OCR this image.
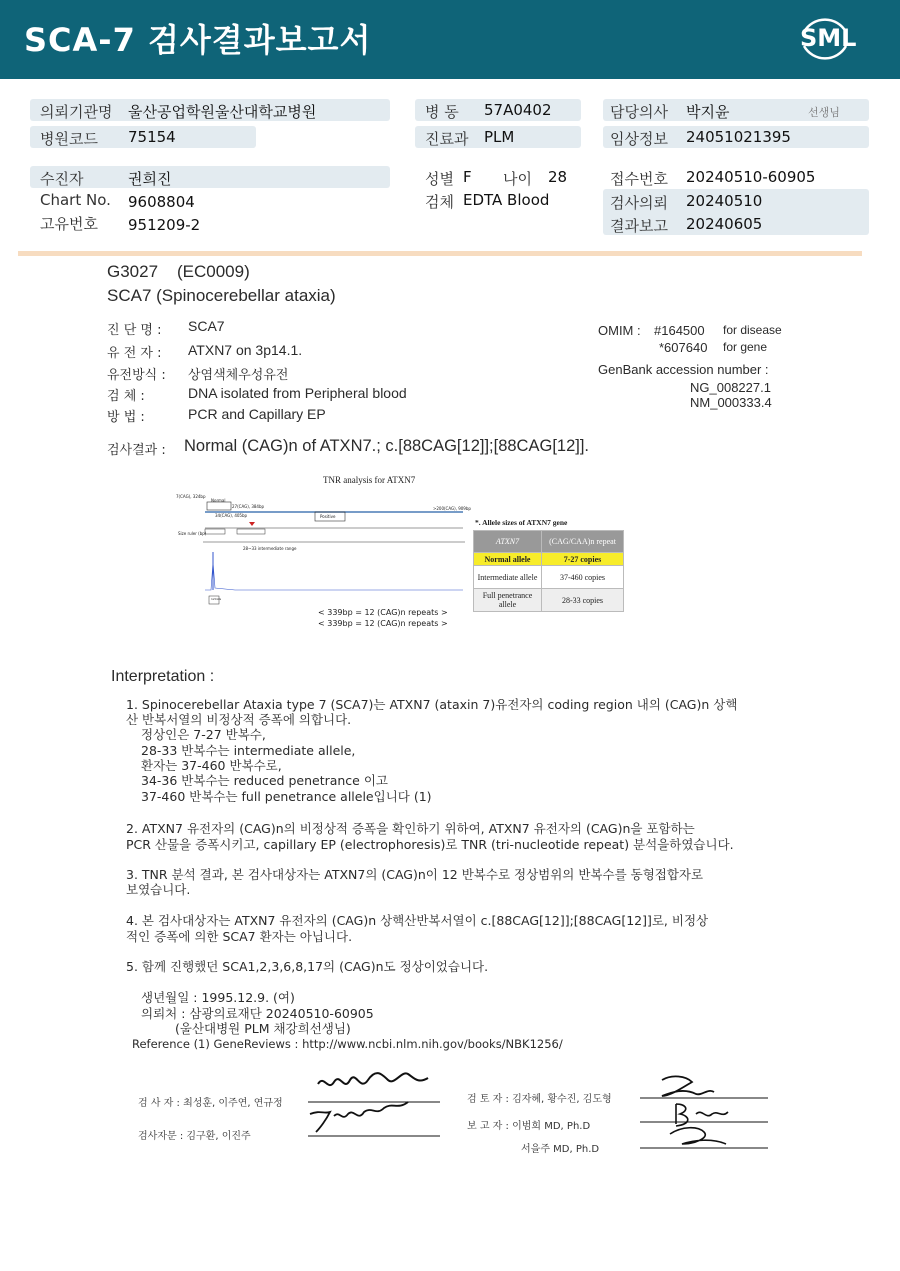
SCA-7 검사결과보고서	SML
의뢰기관명 울산공업학원울산대학교병원
병원코드 75154
병 동 57A0402
진료과 PLM
담당의사 박지윤	선생님
임상정보 24051021395
수진자	권희진
Chart No. 9608804
고유번호 951209-2
성별 F 나이 28
검체 EDTA Blood
접수번호 20240510-60905
검사의뢰 20240510
결과보고 20240605
G3027 (EC0009)
SCA7 (Spinocerebellar ataxia)
진 단 명 : SCA7
유 전 자 : ATXN7 on 3p14.1.
유전방식 : 상염색체우성유전
검 체 :	DNA isolated from Peripheral blood
방 법 :	PCR and Capillary EP
OMIM : #164500 for disease
*607640 for gene
GenBank accession number :
NG_008227.1
NM_000333.4
검사결과 : Normal (CAG)n of ATXN7.; c.[88CAG[12]];[88CAG[12]].
TNR analysis for ATXN7
Normal
Positive
7(CAG), 324bp
27(CAG), 384bp
34(CAG), 405bp
>200(CAG), 909bp
Size ruler (bp)
28~33 intermediate range
12CAG
< 339bp = 12 (CAG)n repeats >
< 339bp = 12 (CAG)n repeats >
*. Allele sizes of ATXN7 gene
ATXN7	(CAG/CAA)n repeat
Normal allele	7-27 copies
Intermediate allele	37-460 copies
Full penetrance allele	28-33 copies
Interpretation :
1. Spinocerebellar Ataxia type 7 (SCA7)는 ATXN7 (ataxin 7)유전자의 coding region 내의 (CAG)n 상핵
산 반복서열의 비정상적 증폭에 의합니다.
정상인은 7-27 반복수,
28-33 반복수는 intermediate allele,
환자는 37-460 반복수로,
34-36 반복수는 reduced penetrance 이고
37-460 반복수는 full penetrance allele입니다 (1)
2. ATXN7 유전자의 (CAG)n의 비정상적 증폭을 확인하기 위하여, ATXN7 유전자의 (CAG)n을 포함하는
PCR 산물을 증폭시키고, capillary EP (electrophoresis)로 TNR (tri-nucleotide repeat) 분석을하였습니다.
3. TNR 분석 결과, 본 검사대상자는 ATXN7의 (CAG)n이 12 반복수로 정상범위의 반복수를 동형접합자로
보였습니다.
4. 본 검사대상자는 ATXN7 유전자의 (CAG)n 상핵산반복서열이 c.[88CAG[12]];[88CAG[12]]로, 비정상
적인 증폭에 의한 SCA7 환자는 아닙니다.
5. 함께 진행했던 SCA1,2,3,6,8,17의 (CAG)n도 정상이었습니다.
생년월일 : 1995.12.9. (여)
의뢰처 : 삼광의료재단 20240510-60905
(울산대병원 PLM 채강희선생님)
Reference (1) GeneReviews : http://www.ncbi.nlm.nih.gov/books/NBK1256/
검 사 자 : 최성훈, 이주연, 연규정
검사자문 : 김구환, 이진주
검 토 자 : 김자혜, 황수진, 김도형
보 고 자 : 이범희 MD, Ph.D
서을주 MD, Ph.D
